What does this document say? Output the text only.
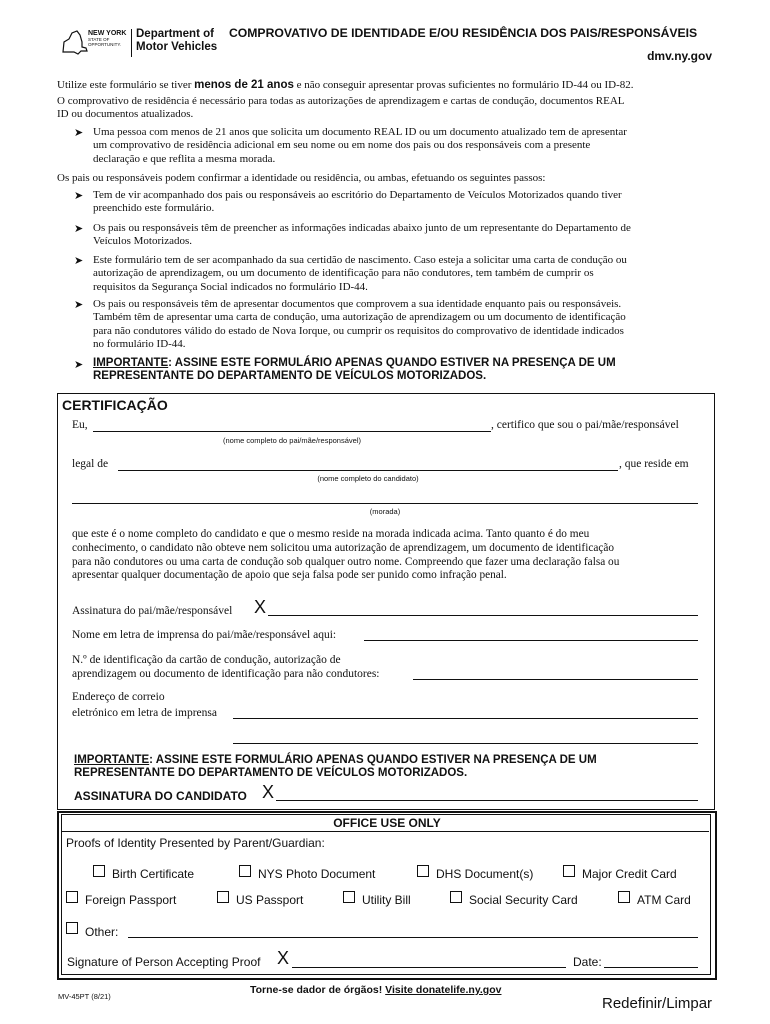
NEW YORK
STATE OF
OPPORTUNITY.
Department of
Motor Vehicles
COMPROVATIVO DE IDENTIDADE E/OU RESIDÊNCIA DOS PAIS/RESPONSÁVEIS
dmv.ny.gov
Utilize este formulário se tiver menos de 21 anos e não conseguir apresentar provas suficientes no formulário ID-44 ou ID-82.
O comprovativo de residência é necessário para todas as autorizações de aprendizagem e cartas de condução, documentos REAL
ID ou documentos atualizados.
➤ Uma pessoa com menos de 21 anos que solicita um documento REAL ID ou um documento atualizado tem de apresentar
um comprovativo de residência adicional em seu nome ou em nome dos pais ou dos responsáveis com a presente
declaração e que reflita a mesma morada.
Os pais ou responsáveis podem confirmar a identidade ou residência, ou ambas, efetuando os seguintes passos:
➤ Tem de vir acompanhado dos pais ou responsáveis ao escritório do Departamento de Veículos Motorizados quando tiver
preenchido este formulário.
➤ Os pais ou responsáveis têm de preencher as informações indicadas abaixo junto de um representante do Departamento de
Veículos Motorizados.
➤ Este formulário tem de ser acompanhado da sua certidão de nascimento. Caso esteja a solicitar uma carta de condução ou
autorização de aprendizagem, ou um documento de identificação para não condutores, tem também de cumprir os
requisitos da Segurança Social indicados no formulário ID-44.
➤ Os pais ou responsáveis têm de apresentar documentos que comprovem a sua identidade enquanto pais ou responsáveis.
Também têm de apresentar uma carta de condução, uma autorização de aprendizagem ou um documento de identificação
para não condutores válido do estado de Nova Iorque, ou cumprir os requisitos do comprovativo de identidade indicados
no formulário ID-44.
➤ IMPORTANTE: ASSINE ESTE FORMULÁRIO APENAS QUANDO ESTIVER NA PRESENÇA DE UM
REPRESENTANTE DO DEPARTAMENTO DE VEÍCULOS MOTORIZADOS.
CERTIFICAÇÃO
Eu,	, certifico que sou o pai/mãe/responsável
(nome completo do pai/mãe/responsável)
legal de	, que reside em
(nome completo do candidato)
(morada)
que este é o nome completo do candidato e que o mesmo reside na morada indicada acima. Tanto quanto é do meu
conhecimento, o candidato não obteve nem solicitou uma autorização de aprendizagem, um documento de identificação
para não condutores ou uma carta de condução sob qualquer outro nome. Compreendo que fazer uma declaração falsa ou
apresentar qualquer documentação de apoio que seja falsa pode ser punido como infração penal.
Assinatura do pai/mãe/responsável X
Nome em letra de imprensa do pai/mãe/responsável aqui:
N.º de identificação da cartão de condução, autorização de
aprendizagem ou documento de identificação para não condutores:
Endereço de correio
eletrónico em letra de imprensa
IMPORTANTE: ASSINE ESTE FORMULÁRIO APENAS QUANDO ESTIVER NA PRESENÇA DE UM
REPRESENTANTE DO DEPARTAMENTO DE VEÍCULOS MOTORIZADOS.
ASSINATURA DO CANDIDATO X
OFFICE USE ONLY
Proofs of Identity Presented by Parent/Guardian:
Birth Certificate	NYS Photo Document	DHS Document(s)	Major Credit Card
Foreign Passport	US Passport	Utility Bill	Social Security Card	ATM Card
Other:
Signature of Person Accepting Proof X	Date:
MV-45PT (8/21)
Torne-se dador de órgãos! Visite donatelife.ny.gov
Redefinir/Limpar
